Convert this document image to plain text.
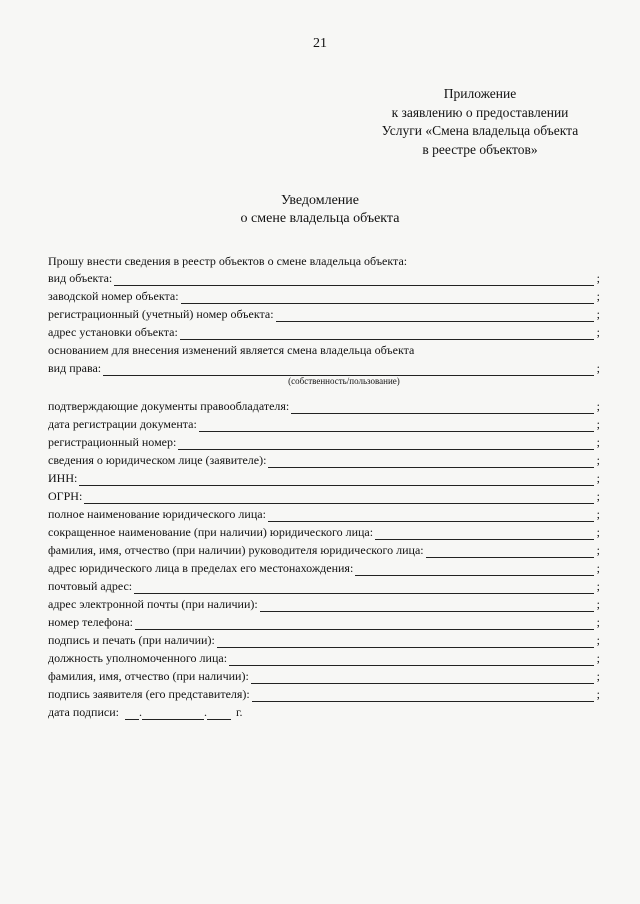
21
Приложение
к заявлению о предоставлении
Услуги «Смена владельца объекта
в реестре объектов»
Уведомление
о смене владельца объекта
Прошу внести сведения в реестр объектов о смене владельца объекта:
вид объекта:	;
заводской номер объекта:	;
регистрационный (учетный) номер объекта:	;
адрес установки объекта:	;
основанием для внесения изменений является смена владельца объекта
вид права:	;
(собственность/пользование)
подтверждающие документы правообладателя:	;
дата регистрации документа:	;
регистрационный номер:	;
сведения о юридическом лице (заявителе):	;
ИНН:	;
ОГРН:	;
полное наименование юридического лица:	;
сокращенное наименование (при наличии) юридического лица:	;
фамилия, имя, отчество (при наличии) руководителя юридического лица:	;
адрес юридического лица в пределах его местонахождения:	;
почтовый адрес:	;
адрес электронной почты (при наличии):	;
номер телефона:	;
подпись и печать (при наличии):	;
должность уполномоченного лица:	;
фамилия, имя, отчество (при наличии):	;
подпись заявителя (его представителя):	;
дата подписи: .	. г.
